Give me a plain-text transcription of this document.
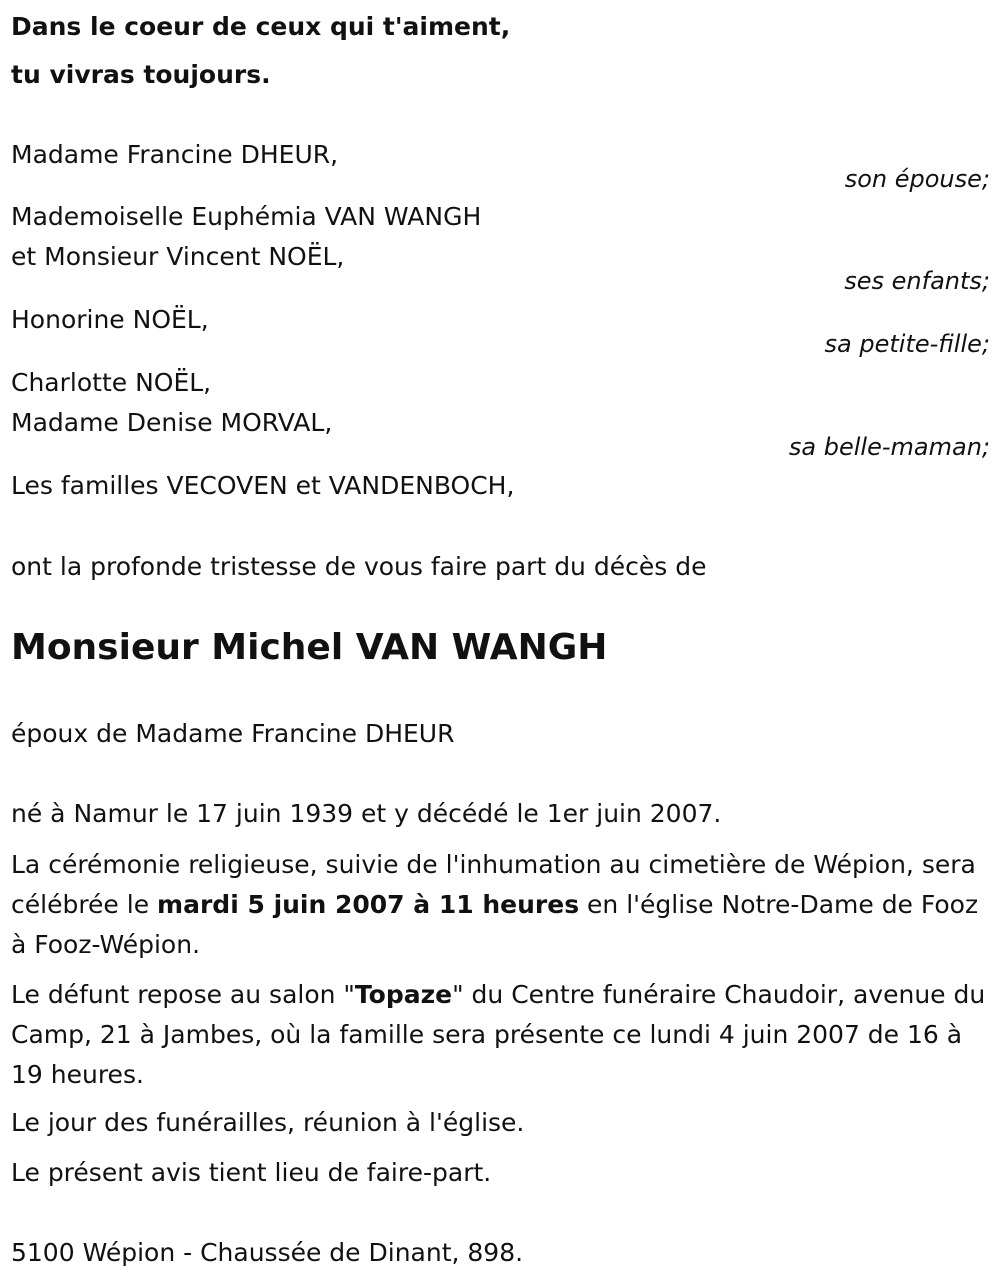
Dans le coeur de ceux qui t'aiment,
tu vivras toujours.
Madame Francine DHEUR,
son épouse;
Mademoiselle Euphémia VAN WANGH
et Monsieur Vincent NOËL,
ses enfants;
Honorine NOËL,
sa petite-fille;
Charlotte NOËL,
Madame Denise MORVAL,
sa belle-maman;
Les familles VECOVEN et VANDENBOCH,
ont la profonde tristesse de vous faire part du décès de
Monsieur Michel VAN WANGH
époux de Madame Francine DHEUR
né à Namur le 17 juin 1939 et y décédé le 1er juin 2007.
La cérémonie religieuse, suivie de l'inhumation au cimetière de Wépion, sera célébrée le mardi 5 juin 2007 à 11 heures en l'église Notre-Dame de Fooz à Fooz-Wépion.
Le défunt repose au salon "Topaze" du Centre funéraire Chaudoir, avenue du Camp, 21 à Jambes, où la famille sera présente ce lundi 4 juin 2007 de 16 à 19 heures.
Le jour des funérailles, réunion à l'église.
Le présent avis tient lieu de faire-part.
5100 Wépion - Chaussée de Dinant, 898.
